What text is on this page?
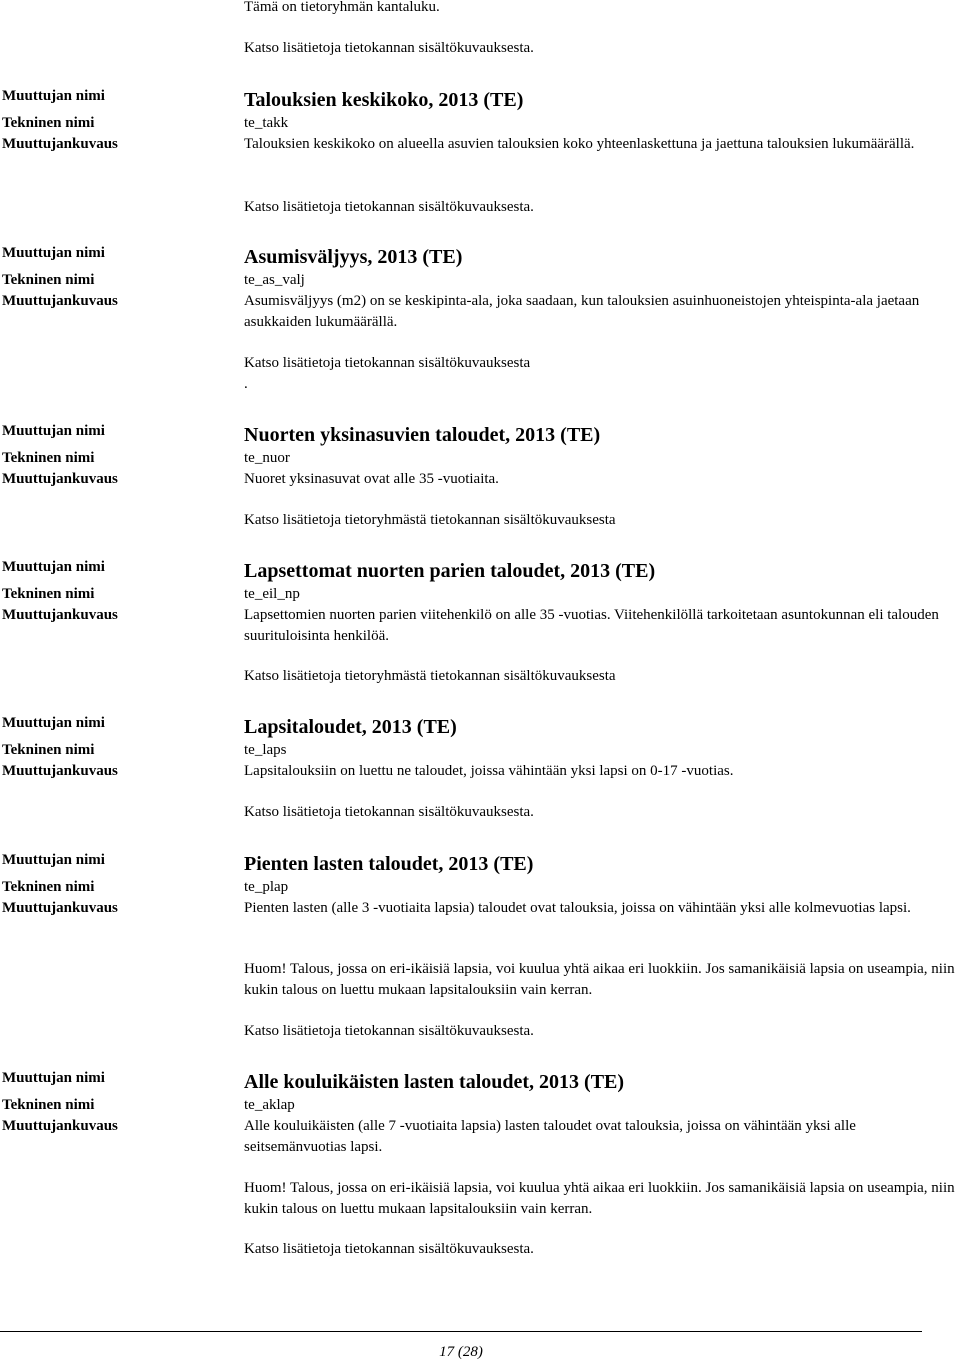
Tämä on tietoryhmän kantaluku.
Katso lisätietoja tietokannan sisältökuvauksesta.
Muuttujan nimi
Tekninen nimi
Muuttujankuvaus
Talouksien keskikoko, 2013 (TE)
te_takk
Talouksien keskikoko on alueella asuvien talouksien koko yhteenlaskettuna ja jaettuna talouksien lukumäärällä.
Katso lisätietoja tietokannan sisältökuvauksesta.
Muuttujan nimi
Tekninen nimi
Muuttujankuvaus
Asumisväljyys, 2013 (TE)
te_as_valj
Asumisväljyys (m2) on se keskipinta-ala, joka saadaan, kun talouksien asuinhuoneistojen yhteispinta-ala jaetaan asukkaiden lukumäärällä.
Katso lisätietoja tietokannan sisältökuvauksesta
.
Muuttujan nimi
Tekninen nimi
Muuttujankuvaus
Nuorten yksinasuvien taloudet, 2013 (TE)
te_nuor
Nuoret yksinasuvat ovat alle 35 -vuotiaita.
Katso lisätietoja tietoryhmästä tietokannan sisältökuvauksesta
Muuttujan nimi
Tekninen nimi
Muuttujankuvaus
Lapsettomat nuorten parien taloudet, 2013 (TE)
te_eil_np
Lapsettomien nuorten parien viitehenkilö on alle 35 -vuotias. Viitehenkilöllä tarkoitetaan asuntokunnan eli talouden suurituloisinta henkilöä.
Katso lisätietoja tietoryhmästä tietokannan sisältökuvauksesta
Muuttujan nimi
Tekninen nimi
Muuttujankuvaus
Lapsitaloudet, 2013 (TE)
te_laps
Lapsitalouksiin on luettu ne taloudet, joissa vähintään yksi lapsi on 0-17 -vuotias.
Katso lisätietoja tietokannan sisältökuvauksesta.
Muuttujan nimi
Tekninen nimi
Muuttujankuvaus
Pienten lasten taloudet, 2013 (TE)
te_plap
Pienten lasten (alle 3 -vuotiaita lapsia) taloudet ovat talouksia, joissa on vähintään yksi alle kolmevuotias lapsi.
Huom! Talous, jossa on eri-ikäisiä lapsia, voi kuulua yhtä aikaa eri luokkiin. Jos samanikäisiä lapsia on useampia, niin kukin talous on luettu mukaan lapsitalouksiin vain kerran.
Katso lisätietoja tietokannan sisältökuvauksesta.
Muuttujan nimi
Tekninen nimi
Muuttujankuvaus
Alle kouluikäisten lasten taloudet, 2013 (TE)
te_aklap
Alle kouluikäisten (alle 7 -vuotiaita lapsia) lasten taloudet ovat talouksia, joissa on vähintään yksi alle seitsemänvuotias lapsi.
Huom! Talous, jossa on eri-ikäisiä lapsia, voi kuulua yhtä aikaa eri luokkiin. Jos samanikäisiä lapsia on useampia, niin kukin talous on luettu mukaan lapsitalouksiin vain kerran.
Katso lisätietoja tietokannan sisältökuvauksesta.
17 (28)
